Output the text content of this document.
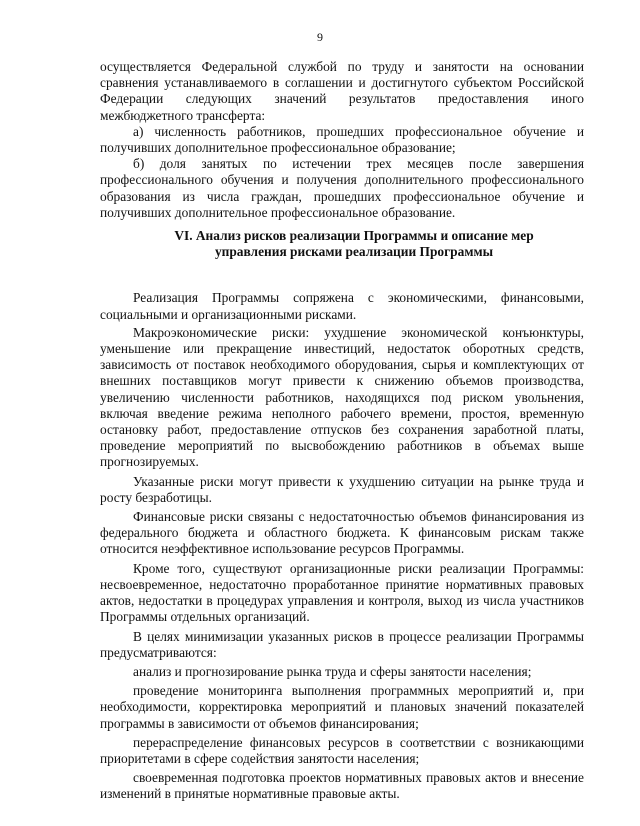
9

осуществляется Федеральной службой по труду и занятости на основании сравнения устанавливаемого в соглашении и достигнутого субъектом Российской Федерации следующих значений результатов предоставления иного межбюджетного трансферта:

а) численность работников, прошедших профессиональное обучение и получивших дополнительное профессиональное образование;

б) доля занятых по истечении трех месяцев после завершения профессионального обучения и получения дополнительного профессионального образования из числа граждан, прошедших профессиональное обучение и получивших дополнительное профессиональное образование.

VI. Анализ рисков реализации Программы и описание мер
управления рисками реализации Программы

Реализация Программы сопряжена с экономическими, финансовыми, социальными и организационными рисками.

Макроэкономические риски: ухудшение экономической конъюнктуры, уменьшение или прекращение инвестиций, недостаток оборотных средств, зависимость от поставок необходимого оборудования, сырья и комплектующих от внешних поставщиков могут привести к снижению объемов производства, увеличению численности работников, находящихся под риском увольнения, включая введение режима неполного рабочего времени, простоя, временную остановку работ, предоставление отпусков без сохранения заработной платы, проведение мероприятий по высвобождению работников в объемах выше прогнозируемых.

Указанные риски могут привести к ухудшению ситуации на рынке труда и росту безработицы.

Финансовые риски связаны с недостаточностью объемов финансирования из федерального бюджета и областного бюджета. К финансовым рискам также относится неэффективное использование ресурсов Программы.

Кроме того, существуют организационные риски реализации Программы: несвоевременное, недостаточно проработанное принятие нормативных правовых актов, недостатки в процедурах управления и контроля, выход из числа участников Программы отдельных организаций.

В целях минимизации указанных рисков в процессе реализации Программы предусматриваются:

анализ и прогнозирование рынка труда и сферы занятости населения;

проведение мониторинга выполнения программных мероприятий и, при необходимости, корректировка мероприятий и плановых значений показателей программы в зависимости от объемов финансирования;

перераспределение финансовых ресурсов в соответствии с возникающими приоритетами в сфере содействия занятости населения;

своевременная подготовка проектов нормативных правовых актов и внесение изменений в принятые нормативные правовые акты.
